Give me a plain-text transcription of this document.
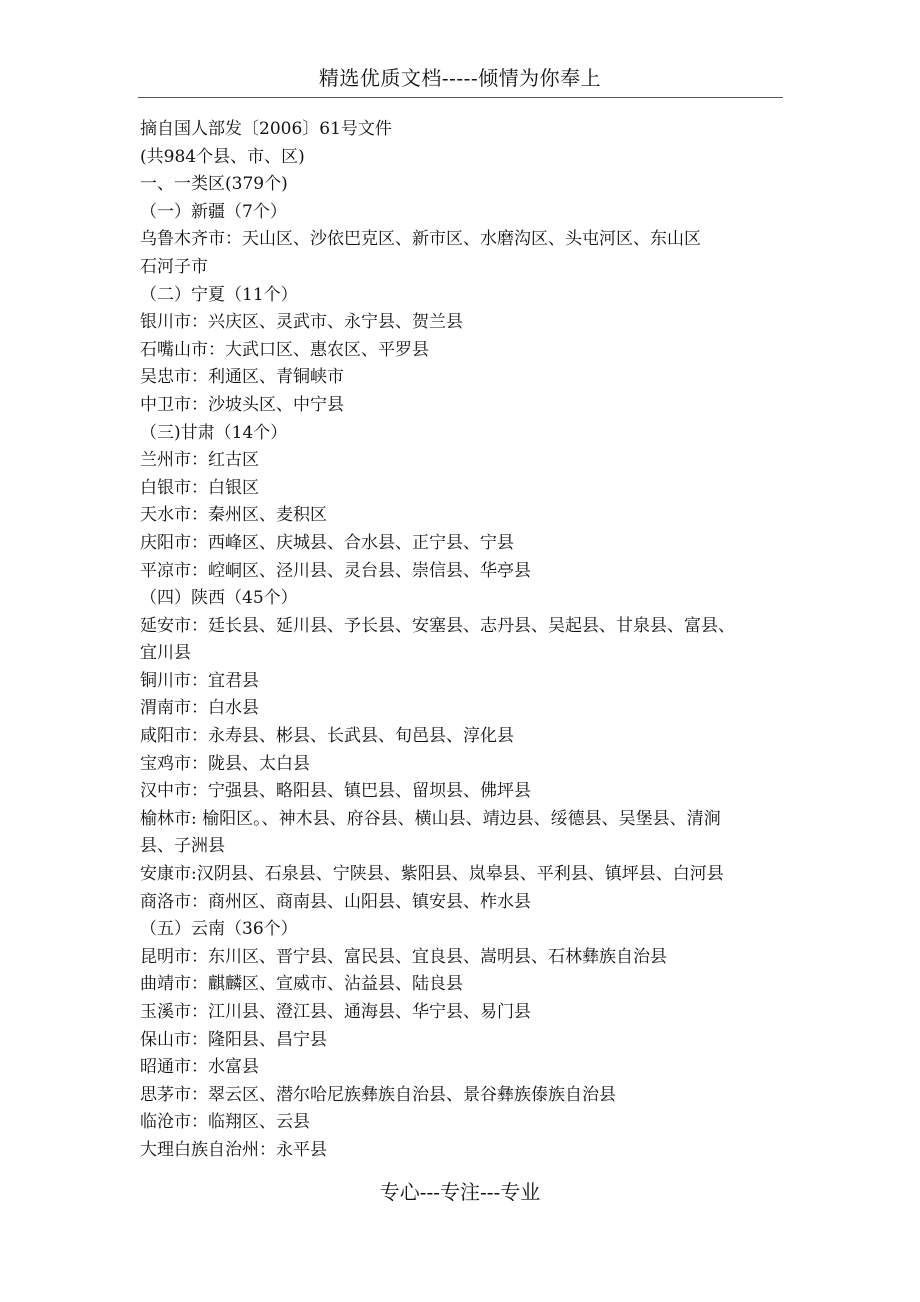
精选优质文档-----倾情为你奉上
摘自国人部发〔2006〕61号文件
(共984个县、市、区)
一、一类区(379个)
（一）新疆（7个）
乌鲁木齐市：天山区、沙依巴克区、新市区、水磨沟区、头屯河区、东山区
石河子市
（二）宁夏（11个）
银川市：兴庆区、灵武市、永宁县、贺兰县
石嘴山市：大武口区、惠农区、平罗县
吴忠市：利通区、青铜峡市
中卫市：沙坡头区、中宁县
（三)甘肃（14个）
兰州市：红古区
白银市：白银区
天水市：秦州区、麦积区
庆阳市：西峰区、庆城县、合水县、正宁县、宁县
平凉市：崆峒区、泾川县、灵台县、崇信县、华亭县
（四）陕西（45个）
延安市：廷长县、延川县、予长县、安塞县、志丹县、吴起县、甘泉县、富县、
宜川县
铜川市：宜君县
渭南市：白水县
咸阳市：永寿县、彬县、长武县、旬邑县、淳化县
宝鸡市：陇县、太白县
汉中市：宁强县、略阳县、镇巴县、留坝县、佛坪县
榆林市: 榆阳区。、神木县、府谷县、横山县、靖边县、绥德县、吴堡县、清涧
县、子洲县
安康市:汉阴县、石泉县、宁陕县、紫阳县、岚皋县、平利县、镇坪县、白河县
商洛市：商州区、商南县、山阳县、镇安县、柞水县
（五）云南（36个）
昆明市：东川区、晋宁县、富民县、宜良县、嵩明县、石林彝族自治县
曲靖市：麒麟区、宣威市、沾益县、陆良县
玉溪市：江川县、澄江县、通海县、华宁县、易门县
保山市：隆阳县、昌宁县
昭通市：水富县
思茅市：翠云区、潜尔哈尼族彝族自治县、景谷彝族傣族自治县
临沧市：临翔区、云县
大理白族自治州：永平县
专心---专注---专业
